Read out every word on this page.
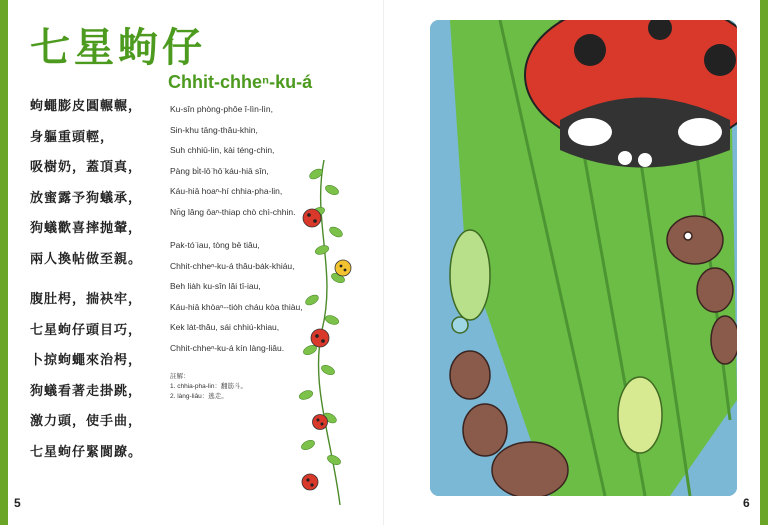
七星蚼仔
蚼蠅膨皮圓輾輾，
身軀重頭輕，
吸樹奶，蓋頂真，
放蜜露予狗蟻承，
狗蟻歡喜摔抛輦，
兩人換帖做至親。
腹肚枵，揣袂牢，
七星蚼仔頭目巧，
卜掠蚼蠅來治枵，
狗蟻看著走掛跳，
激力頭，使手曲，
七星蚼仔緊閬蹽。
Chhit-chheⁿ-ku-á
Ku-sîn phòng-phôe î-lìn-lìn,
Sin-khu tāng-thâu-khin,
Suh chhiū-lin, kài téng-chin,
Pàng bi̍t-lō͘ hō͘ káu-hiā sîn,
Káu-hiā hoaⁿ-hí chhia-pha-lin,
Nn̄g lâng ōaⁿ-thiap chò chì-chhin.
Pak-tó͘ iau, tòng bē tiâu,
Chhit-chheⁿ-ku-á thâu-ba̍k-khiáu,
Beh lia̍h ku-sîn lâi tī-iau,
Káu-hiā khòaⁿ--tio̍h cháu kòa thiàu,
Kek la̍t-thâu, sái chhiú-khiau,
Chhit-chheⁿ-ku-á kín làng-liâu.
註解：
1. chhia-pha-lin：翻筋斗。
2. làng-liâu：逃走。
5	6
